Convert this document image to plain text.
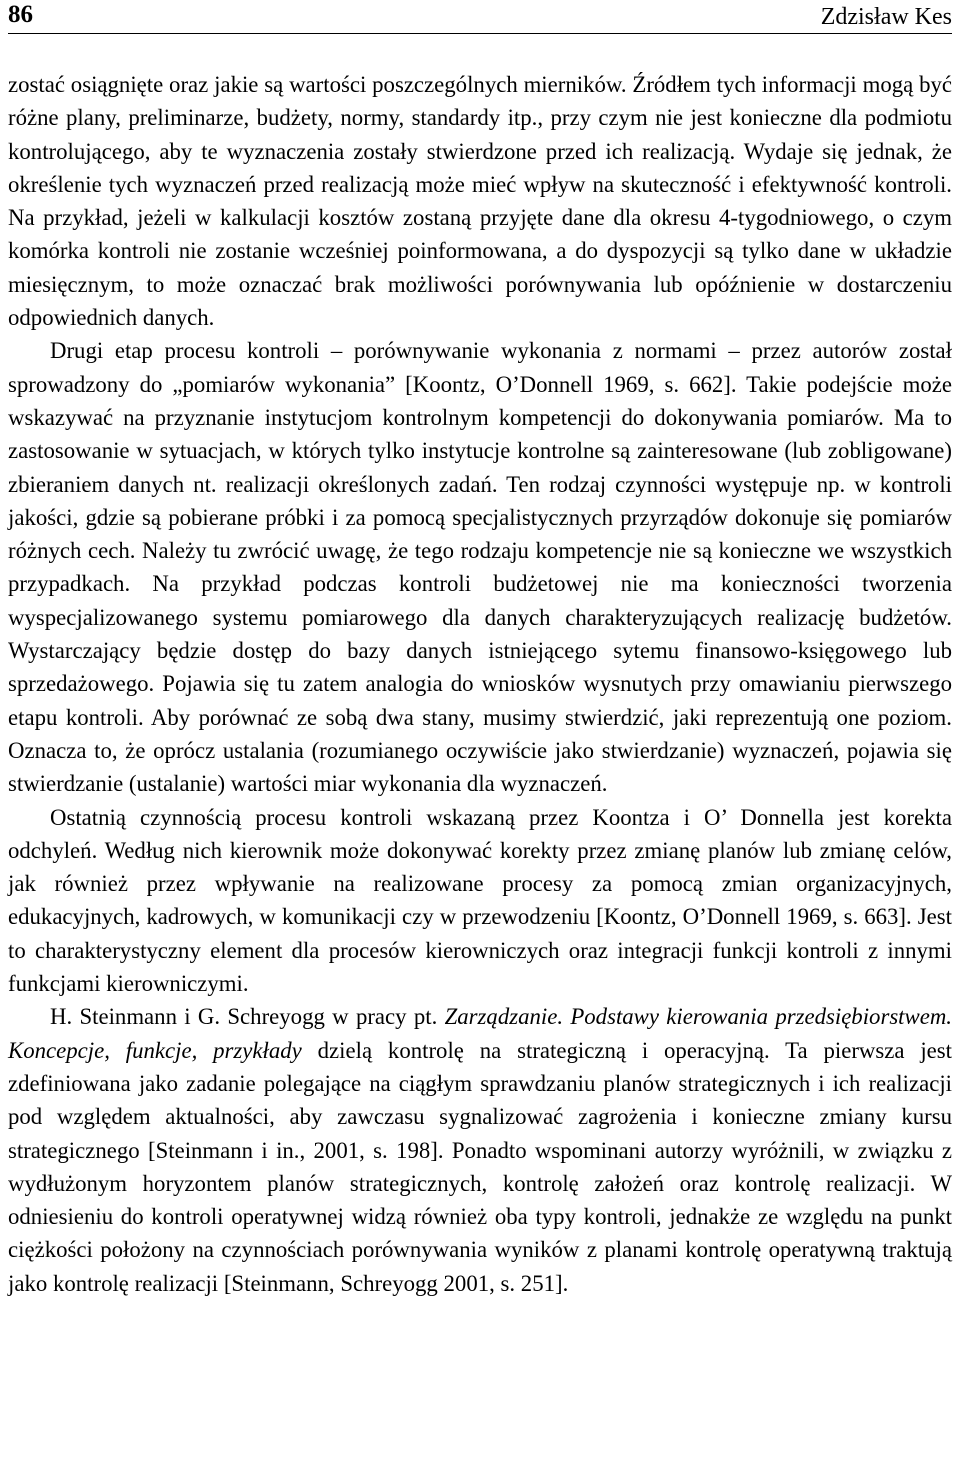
86	Zdzisław Kes

zostać osiągnięte oraz jakie są wartości poszczególnych mierników. Źródłem tych informacji mogą być różne plany, preliminarze, budżety, normy, standardy itp., przy czym nie jest konieczne dla podmiotu kontrolującego, aby te wyznaczenia zostały stwierdzone przed ich realizacją. Wydaje się jednak, że określenie tych wyznaczeń przed realizacją może mieć wpływ na skuteczność i efektywność kontroli. Na przykład, jeżeli w kalkulacji kosztów zostaną przyjęte dane dla okresu 4-tygodniowego, o czym komórka kontroli nie zostanie wcześniej poinformowana, a do dyspozycji są tylko dane w układzie miesięcznym, to może oznaczać brak możliwości porównywania lub opóźnienie w dostarczeniu odpowiednich danych.

Drugi etap procesu kontroli – porównywanie wykonania z normami – przez autorów został sprowadzony do „pomiarów wykonania” [Koontz, O’Donnell 1969, s. 662]. Takie podejście może wskazywać na przyznanie instytucjom kontrolnym kompetencji do dokonywania pomiarów. Ma to zastosowanie w sytuacjach, w których tylko instytucje kontrolne są zainteresowane (lub zobligowane) zbieraniem danych nt. realizacji określonych zadań. Ten rodzaj czynności występuje np. w kontroli jakości, gdzie są pobierane próbki i za pomocą specjalistycznych przyrządów dokonuje się pomiarów różnych cech. Należy tu zwrócić uwagę, że tego rodzaju kompetencje nie są konieczne we wszystkich przypadkach. Na przykład podczas kontroli budżetowej nie ma konieczności tworzenia wyspecjalizowanego systemu pomiarowego dla danych charakteryzujących realizację budżetów. Wystarczający będzie dostęp do bazy danych istniejącego sytemu finansowo-księgowego lub sprzedażowego. Pojawia się tu zatem analogia do wniosków wysnutych przy omawianiu pierwszego etapu kontroli. Aby porównać ze sobą dwa stany, musimy stwierdzić, jaki reprezentują one poziom. Oznacza to, że oprócz ustalania (rozumianego oczywiście jako stwierdzanie) wyznaczeń, pojawia się stwierdzanie (ustalanie) wartości miar wykonania dla wyznaczeń.

Ostatnią czynnością procesu kontroli wskazaną przez Koontza i O’ Donnella jest korekta odchyleń. Według nich kierownik może dokonywać korekty przez zmianę planów lub zmianę celów, jak również przez wpływanie na realizowane procesy za pomocą zmian organizacyjnych, edukacyjnych, kadrowych, w komunikacji czy w przewodzeniu [Koontz, O’Donnell 1969, s. 663]. Jest to charakterystyczny element dla procesów kierowniczych oraz integracji funkcji kontroli z innymi funkcjami kierowniczymi.

H. Steinmann i G. Schreyogg w pracy pt. Zarządzanie. Podstawy kierowania przedsiębiorstwem. Koncepcje, funkcje, przykłady dzielą kontrolę na strategiczną i operacyjną. Ta pierwsza jest zdefiniowana jako zadanie polegające na ciągłym sprawdzaniu planów strategicznych i ich realizacji pod względem aktualności, aby zawczasu sygnalizować zagrożenia i konieczne zmiany kursu strategicznego [Steinmann i in., 2001, s. 198]. Ponadto wspominani autorzy wyróżnili, w związku z wydłużonym horyzontem planów strategicznych, kontrolę założeń oraz kontrolę realizacji. W odniesieniu do kontroli operatywnej widzą również oba typy kontroli, jednakże ze względu na punkt ciężkości położony na czynnościach porównywania wyników z planami kontrolę operatywną traktują jako kontrolę realizacji [Steinmann, Schreyogg 2001, s. 251].
